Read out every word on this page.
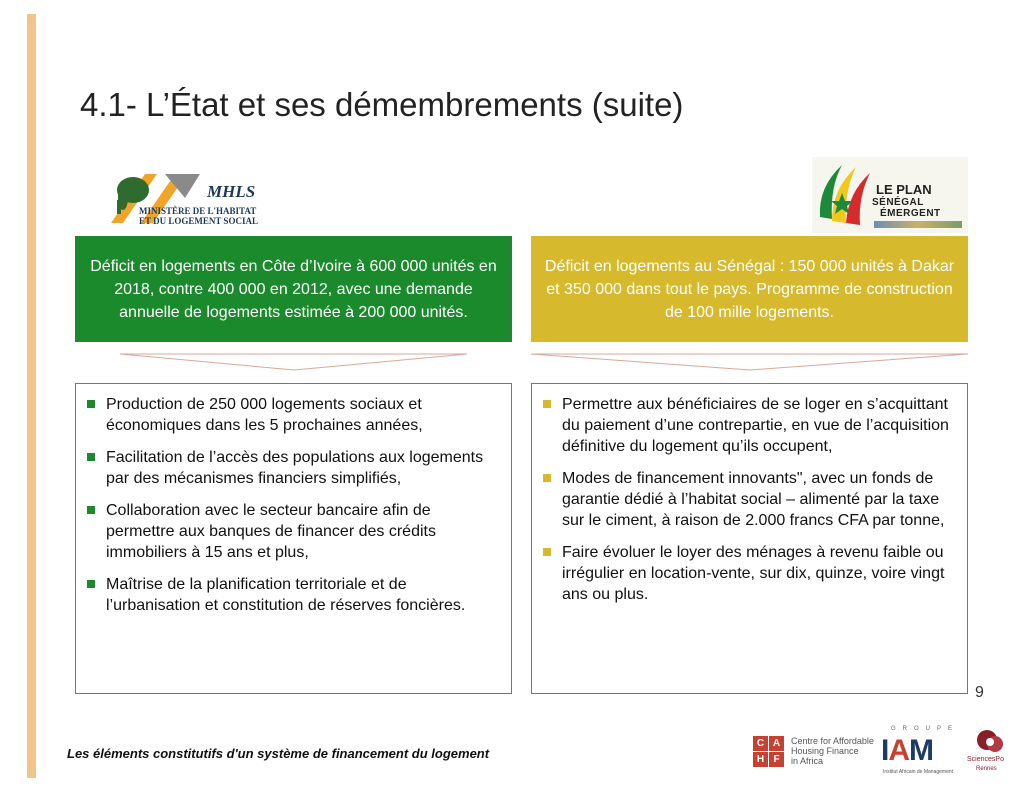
4.1- L’État et ses démembrements (suite)
MHLS
MINISTÈRE DE L'HABITAT
ET DU LOGEMENT SOCIAL
LE PLAN
SÉNÉGAL
ÉMERGENT
Déficit en logements en Côte d’Ivoire à 600 000 unités en 2018, contre 400 000 en 2012, avec une demande annuelle de logements estimée à 200 000 unités.
Déficit en logements au Sénégal : 150 000 unités à Dakar et 350 000 dans tout le pays. Programme de construction de 100 mille logements.
Production de 250 000 logements sociaux et économiques dans les 5 prochaines années,
Facilitation de l’accès des populations aux logements par des mécanismes financiers simplifiés,
Collaboration avec le secteur bancaire afin de permettre aux banques de financer des crédits immobiliers à 15 ans et plus,
Maîtrise de la planification territoriale et de l’urbanisation et constitution de réserves foncières.
Permettre aux bénéficiaires de se loger en s’acquittant du paiement d’une contrepartie, en vue de l’acquisition définitive du logement qu’ils occupent,
Modes de financement innovants", avec un fonds de garantie dédié à l’habitat social – alimenté par la taxe sur le ciment, à raison de 2.000 francs CFA par tonne,
Faire évoluer le loyer des ménages à revenu faible ou irrégulier en location-vente, sur dix, quinze, voire vingt ans ou plus.
9
Les éléments constitutifs d'un système de financement du logement
C A
H F
Centre for Affordable
Housing Finance
in Africa
GROUPE
IAM
Institut Africain de Management
SciencesPo
Rennes
